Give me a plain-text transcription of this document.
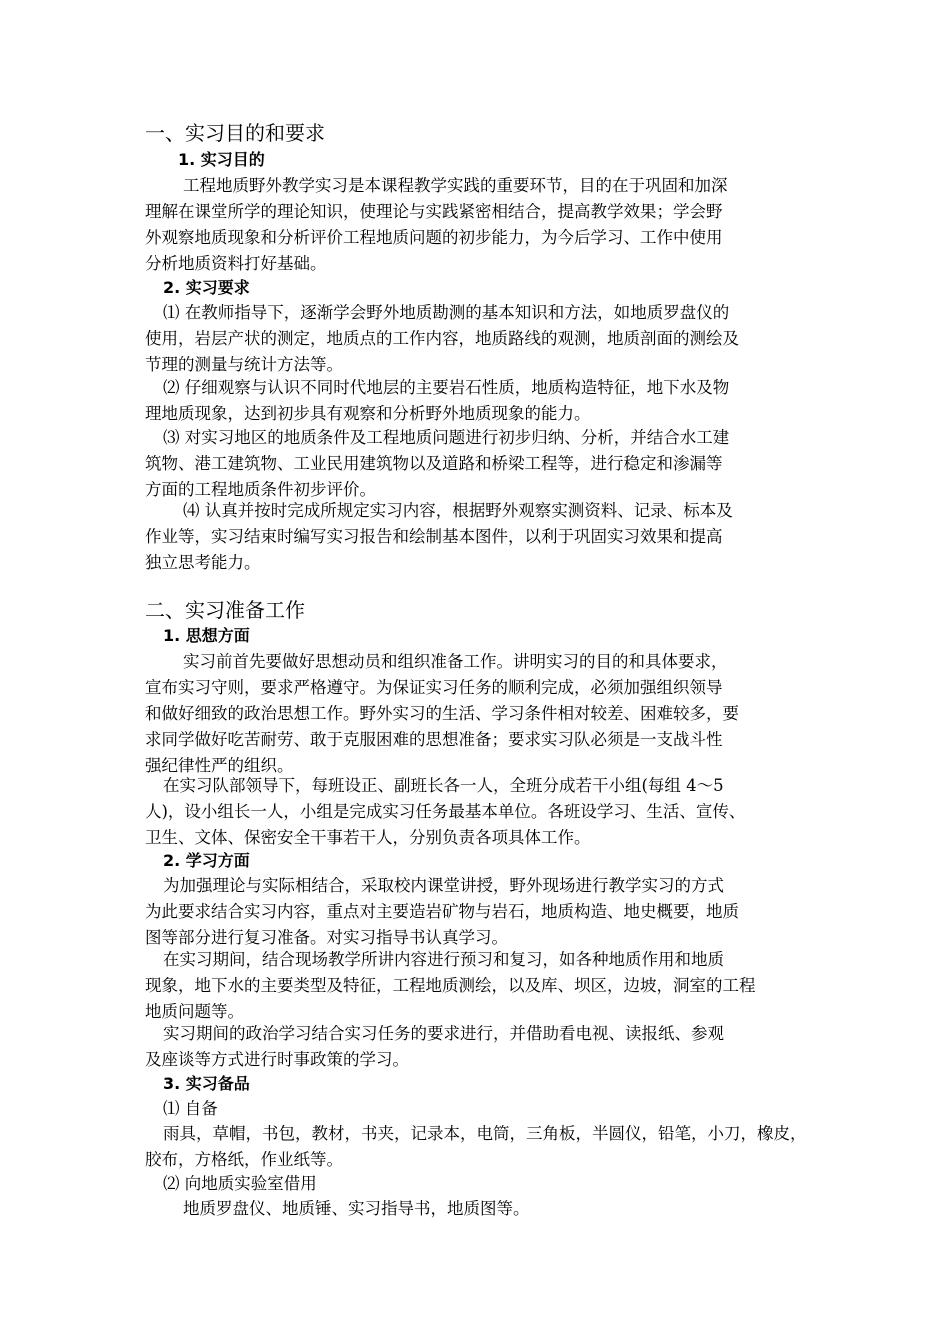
一、实习目的和要求
1. 实习目的
工程地质野外教学实习是本课程教学实践的重要环节，目的在于巩固和加深
理解在课堂所学的理论知识，使理论与实践紧密相结合，提高教学效果；学会野
外观察地质现象和分析评价工程地质问题的初步能力，为今后学习、工作中使用
分析地质资料打好基础。
2. 实习要求
⑴ 在教师指导下，逐渐学会野外地质勘测的基本知识和方法，如地质罗盘仪的
使用，岩层产状的测定，地质点的工作内容，地质路线的观测，地质剖面的测绘及
节理的测量与统计方法等。
⑵ 仔细观察与认识不同时代地层的主要岩石性质，地质构造特征，地下水及物
理地质现象，达到初步具有观察和分析野外地质现象的能力。
⑶ 对实习地区的地质条件及工程地质问题进行初步归纳、分析，并结合水工建
筑物、港工建筑物、工业民用建筑物以及道路和桥梁工程等，进行稳定和渗漏等
方面的工程地质条件初步评价。
⑷ 认真并按时完成所规定实习内容，根据野外观察实测资料、记录、标本及
作业等，实习结束时编写实习报告和绘制基本图件，以利于巩固实习效果和提高
独立思考能力。
二、实习准备工作
1. 思想方面
实习前首先要做好思想动员和组织准备工作。讲明实习的目的和具体要求，
宣布实习守则，要求严格遵守。为保证实习任务的顺利完成，必须加强组织领导
和做好细致的政治思想工作。野外实习的生活、学习条件相对较差、困难较多，要
求同学做好吃苦耐劳、敢于克服困难的思想准备；要求实习队必须是一支战斗性
强纪律性严的组织。
在实习队部领导下，每班设正、副班长各一人，全班分成若干小组(每组 4～5
人)，设小组长一人，小组是完成实习任务最基本单位。各班设学习、生活、宣传、
卫生、文体、保密安全干事若干人，分别负责各项具体工作。
2. 学习方面
为加强理论与实际相结合，采取校内课堂讲授，野外现场进行教学实习的方式
为此要求结合实习内容，重点对主要造岩矿物与岩石，地质构造、地史概要，地质
图等部分进行复习准备。对实习指导书认真学习。
在实习期间，结合现场教学所讲内容进行预习和复习，如各种地质作用和地质
现象，地下水的主要类型及特征，工程地质测绘，以及库、坝区，边坡，洞室的工程
地质问题等。
实习期间的政治学习结合实习任务的要求进行，并借助看电视、读报纸、参观
及座谈等方式进行时事政策的学习。
3. 实习备品
⑴ 自备
雨具，草帽，书包，教材，书夹，记录本，电筒，三角板，半圆仪，铅笔，小刀，橡皮，
胶布，方格纸，作业纸等。
⑵ 向地质实验室借用
地质罗盘仪、地质锤、实习指导书，地质图等。
